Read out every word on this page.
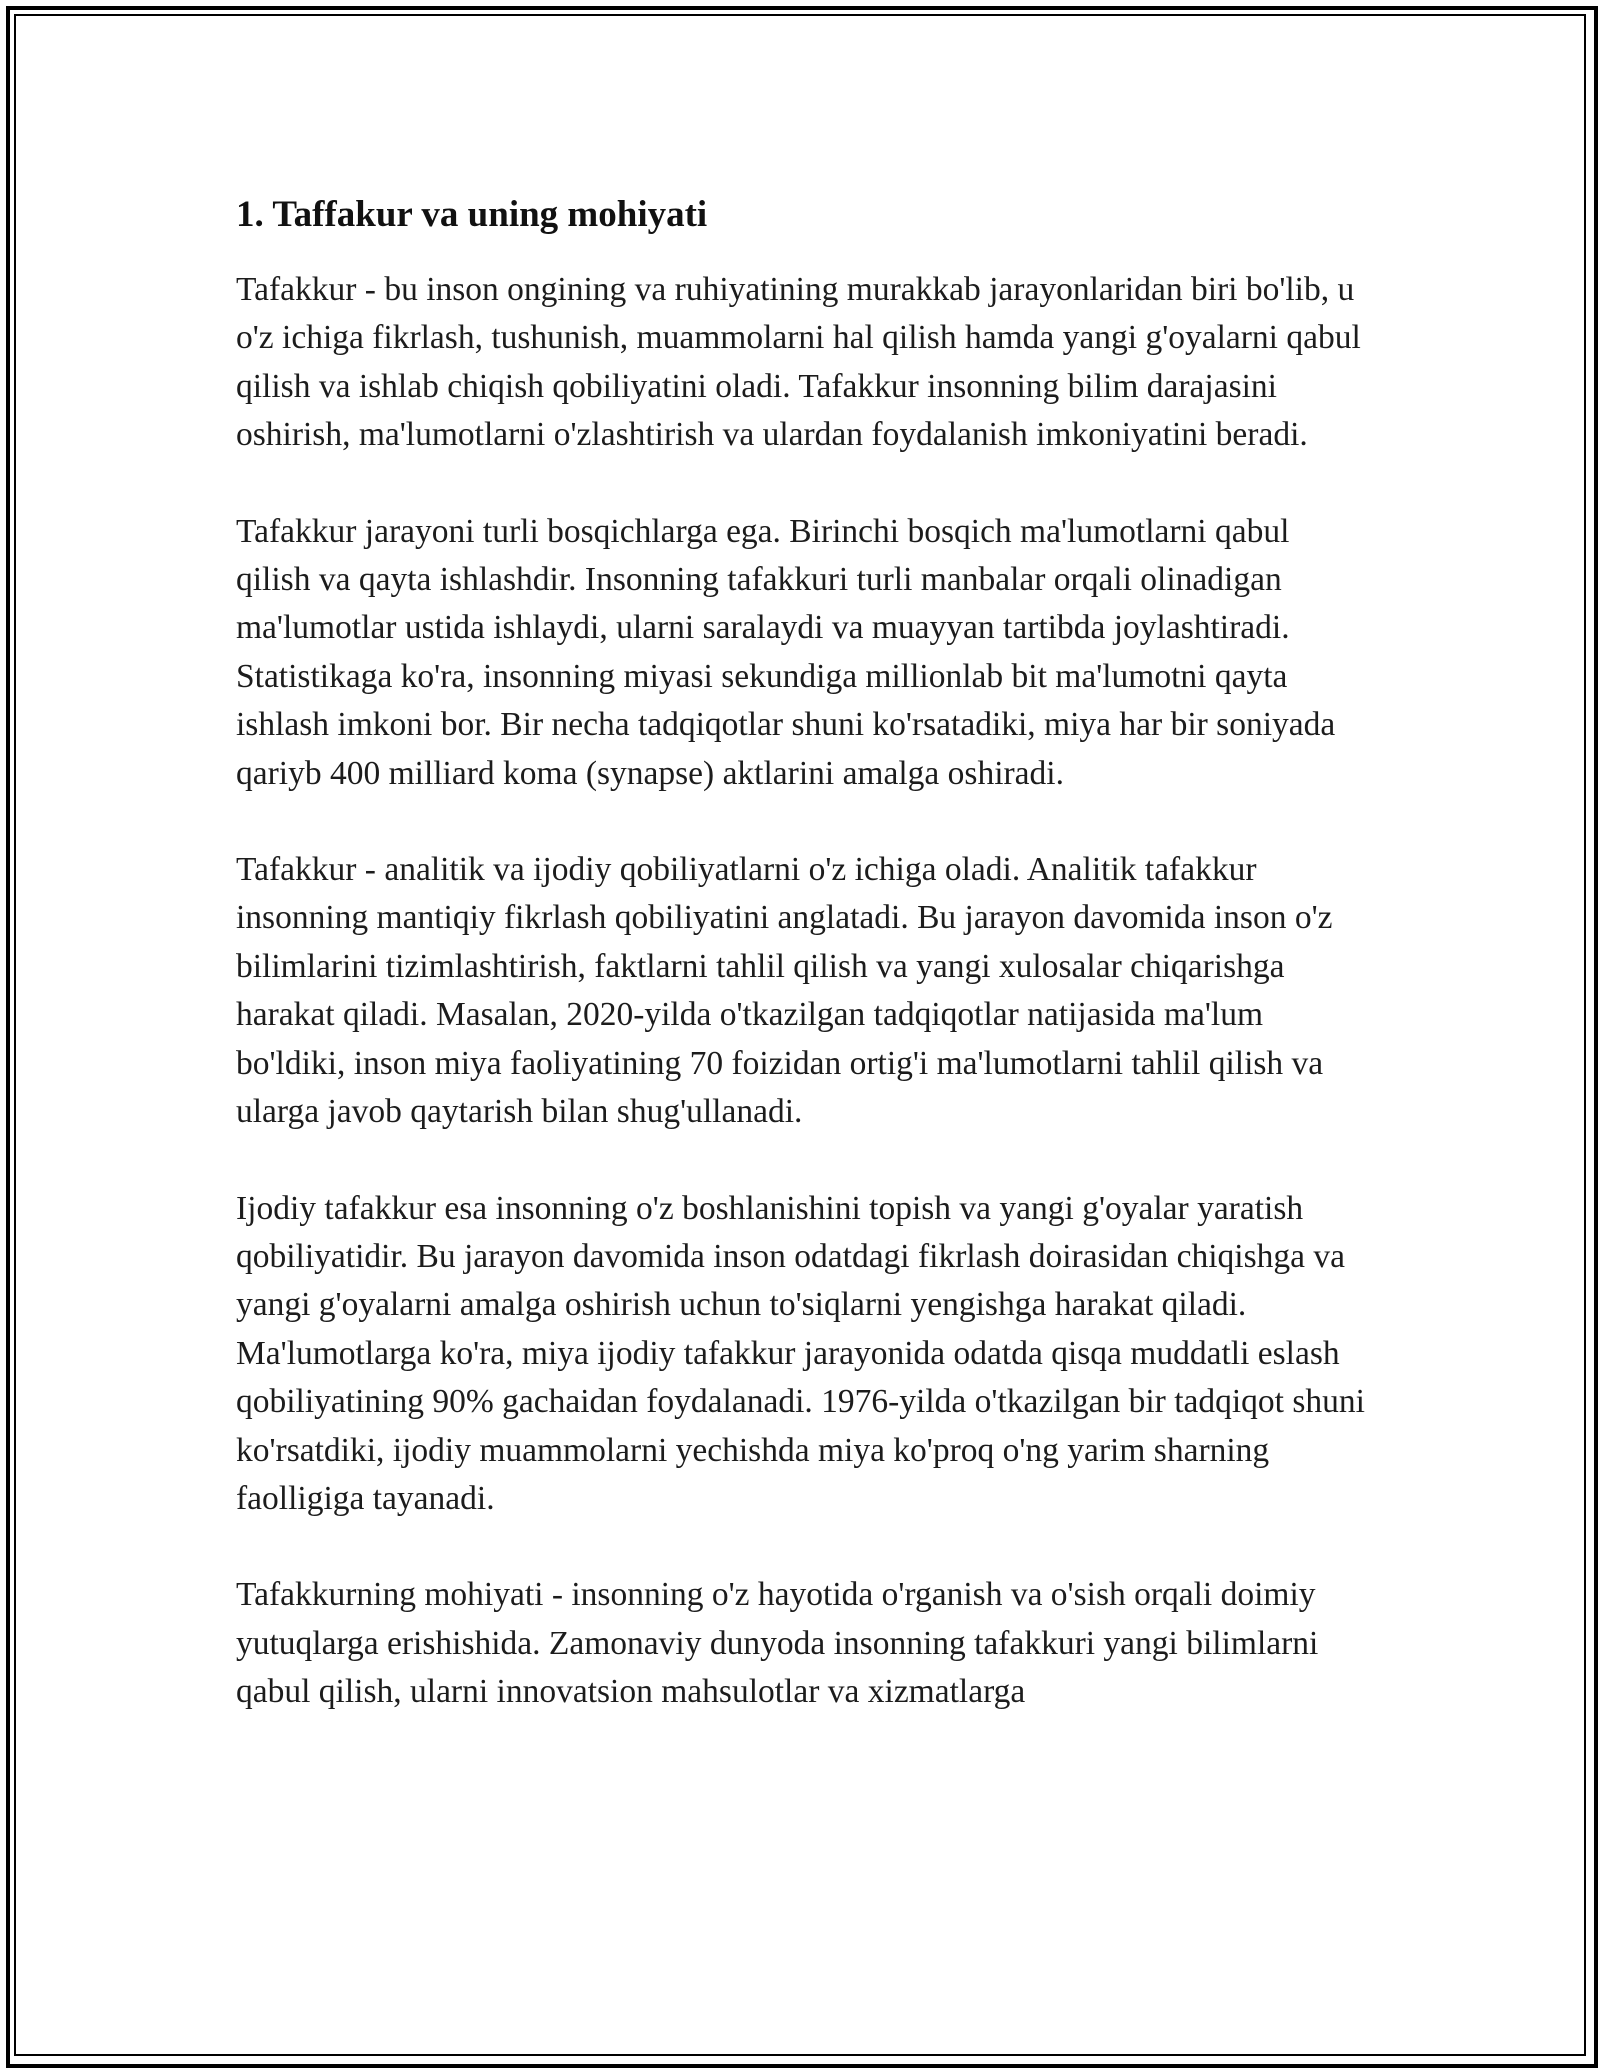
1. Taffakur va uning mohiyati

Tafakkur - bu inson ongining va ruhiyatining murakkab jarayonlaridan biri bo'lib, u o'z ichiga fikrlash, tushunish, muammolarni hal qilish hamda yangi g'oyalarni qabul qilish va ishlab chiqish qobiliyatini oladi. Tafakkur insonning bilim darajasini oshirish, ma'lumotlarni o'zlashtirish va ulardan foydalanish imkoniyatini beradi.

Tafakkur jarayoni turli bosqichlarga ega. Birinchi bosqich ma'lumotlarni qabul qilish va qayta ishlashdir. Insonning tafakkuri turli manbalar orqali olinadigan ma'lumotlar ustida ishlaydi, ularni saralaydi va muayyan tartibda joylashtiradi. Statistikaga ko'ra, insonning miyasi sekundiga millionlab bit ma'lumotni qayta ishlash imkoni bor. Bir necha tadqiqotlar shuni ko'rsatadiki, miya har bir soniyada qariyb 400 milliard koma (synapse) aktlarini amalga oshiradi.

Tafakkur - analitik va ijodiy qobiliyatlarni o'z ichiga oladi. Analitik tafakkur insonning mantiqiy fikrlash qobiliyatini anglatadi. Bu jarayon davomida inson o'z bilimlarini tizimlashtirish, faktlarni tahlil qilish va yangi xulosalar chiqarishga harakat qiladi. Masalan, 2020-yilda o'tkazilgan tadqiqotlar natijasida ma'lum bo'ldiki, inson miya faoliyatining 70 foizidan ortig'i ma'lumotlarni tahlil qilish va ularga javob qaytarish bilan shug'ullanadi.

Ijodiy tafakkur esa insonning o'z boshlanishini topish va yangi g'oyalar yaratish qobiliyatidir. Bu jarayon davomida inson odatdagi fikrlash doirasidan chiqishga va yangi g'oyalarni amalga oshirish uchun to'siqlarni yengishga harakat qiladi. Ma'lumotlarga ko'ra, miya ijodiy tafakkur jarayonida odatda qisqa muddatli eslash qobiliyatining 90% gachaidan foydalanadi. 1976-yilda o'tkazilgan bir tadqiqot shuni ko'rsatdiki, ijodiy muammolarni yechishda miya ko'proq o'ng yarim sharning faolligiga tayanadi.

Tafakkurning mohiyati - insonning o'z hayotida o'rganish va o'sish orqali doimiy yutuqlarga erishishida. Zamonaviy dunyoda insonning tafakkuri yangi bilimlarni qabul qilish, ularni innovatsion mahsulotlar va xizmatlarga
